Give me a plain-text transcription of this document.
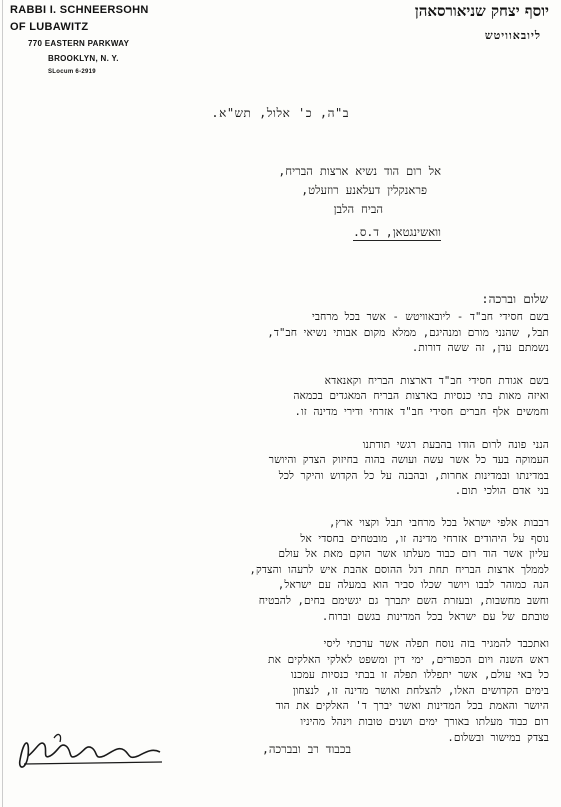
RABBI I. SCHNEERSOHN
OF LUBAWITZ
770 EASTERN PARKWAY
BROOKLYN, N. Y.
SLocum 6-2919
יוסף יצחק שניאורסאהן
ליובאוויטש
ב"ה, כ' אלול, תש"א.
אל רום הוד נשיא ארצות הבריח,
פראנקלין דעלאנע רוזעלט,
הביח הלבן
וואשינגטאן, ד.ס.
שלום וברכה:

בשם חסידי חב"ד - ליובאוויטש - אשר בכל מרחבי
תבל, שהנני מורם ומנהיגם, ממלא מקום אבותי נשיאי חב"ד,
נשמתם עדן, זה ששה דורות.

בשם אגודת חסידי חב"ד דארצות הבריח וקאנאדא
ואיזה מאות בתי כנסיות בארצות הבריח המאגדים בכמאה
וחמשים אלף חברים חסידי חב"ד אזרחי ודירי מדינה זו.

הנני פונה לרום הודו בהבעת רגשי תודתנו
העמוקה בעד כל אשר עשה ועושה בהוה בחיזוק הצדק והיושר
במדינתו ובמדינות אחרות, ובהבנה על כל הקדוש והיקר לכל
בני אדם הולכי תום.

רבבות אלפי ישראל בכל מרחבי תבל וקצוי ארץ,
נוסף על היהודים אזרחי מדינה זו, מובטחים בחסדי אל
עליון אשר הוד רום כבוד מעלתו אשר הוקם מאת אל עולם
לממלך ארצות הבריח תחת דגל ההוסם אהבת איש לרעהו והצדק,
הנה כמוהר לבבו ויושר שכלו סביר הוא במעלה עם ישראל,
וחשב מחשבות, ובעזרת השם יתברך גם יגשימם בחים, להבטיח
טובתם של עם ישראל בכל המדינות בגשם וברוח.

ואתכבד להמגיר בזה נוסח תפלה אשר ערכתי ליסי
ראש השנה ויום הכפורים, ימי דין ומשפט לאלקי האלקים את
כל באי עולם, אשר יתפללו תפלה זו בבתי כנסיות עמכנו
בימים הקדושים האלו, להצלחת ואושר מדינה זו, לנצחון
היושר והאמת בכל המדינות ואשר יברך ד' האלקים את הוד
רום כבוד מעלתו באורך ימים ושנים טובות וינהל מהיניו
בצדק במישור ובשלום.

בכבוד רב ובברכה,
